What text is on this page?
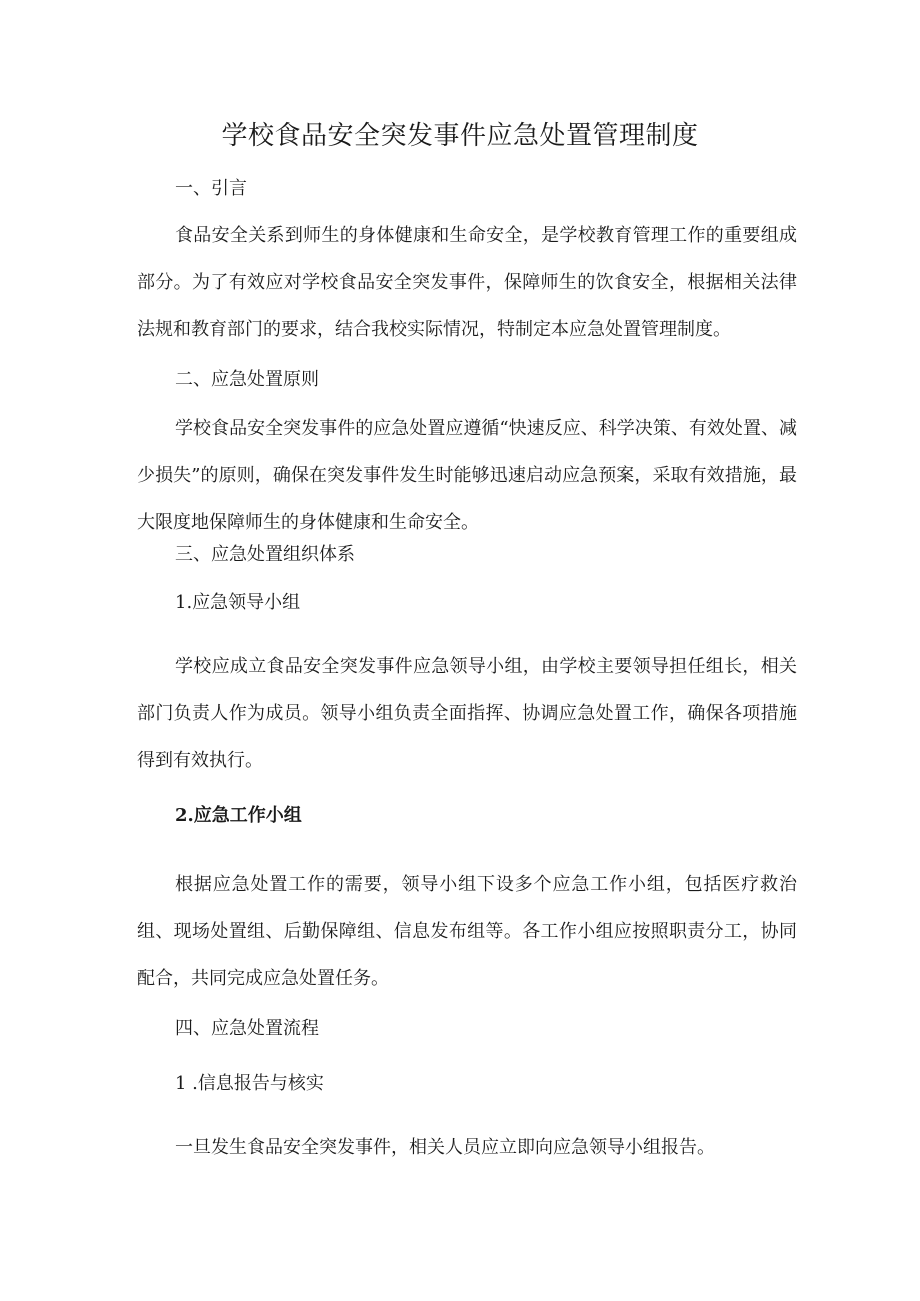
学校食品安全突发事件应急处置管理制度
一、引言
食品安全关系到师生的身体健康和生命安全，是学校教育管理工作的重要组成部分。为了有效应对学校食品安全突发事件，保障师生的饮食安全，根据相关法律法规和教育部门的要求，结合我校实际情况，特制定本应急处置管理制度。
二、应急处置原则
学校食品安全突发事件的应急处置应遵循“快速反应、科学决策、有效处置、减少损失”的原则，确保在突发事件发生时能够迅速启动应急预案，采取有效措施，最大限度地保障师生的身体健康和生命安全。
三、应急处置组织体系
1.应急领导小组
学校应成立食品安全突发事件应急领导小组，由学校主要领导担任组长，相关部门负责人作为成员。领导小组负责全面指挥、协调应急处置工作，确保各项措施得到有效执行。
2.应急工作小组
根据应急处置工作的需要，领导小组下设多个应急工作小组，包括医疗救治组、现场处置组、后勤保障组、信息发布组等。各工作小组应按照职责分工，协同配合，共同完成应急处置任务。
四、应急处置流程
1 .信息报告与核实
一旦发生食品安全突发事件，相关人员应立即向应急领导小组报告。
